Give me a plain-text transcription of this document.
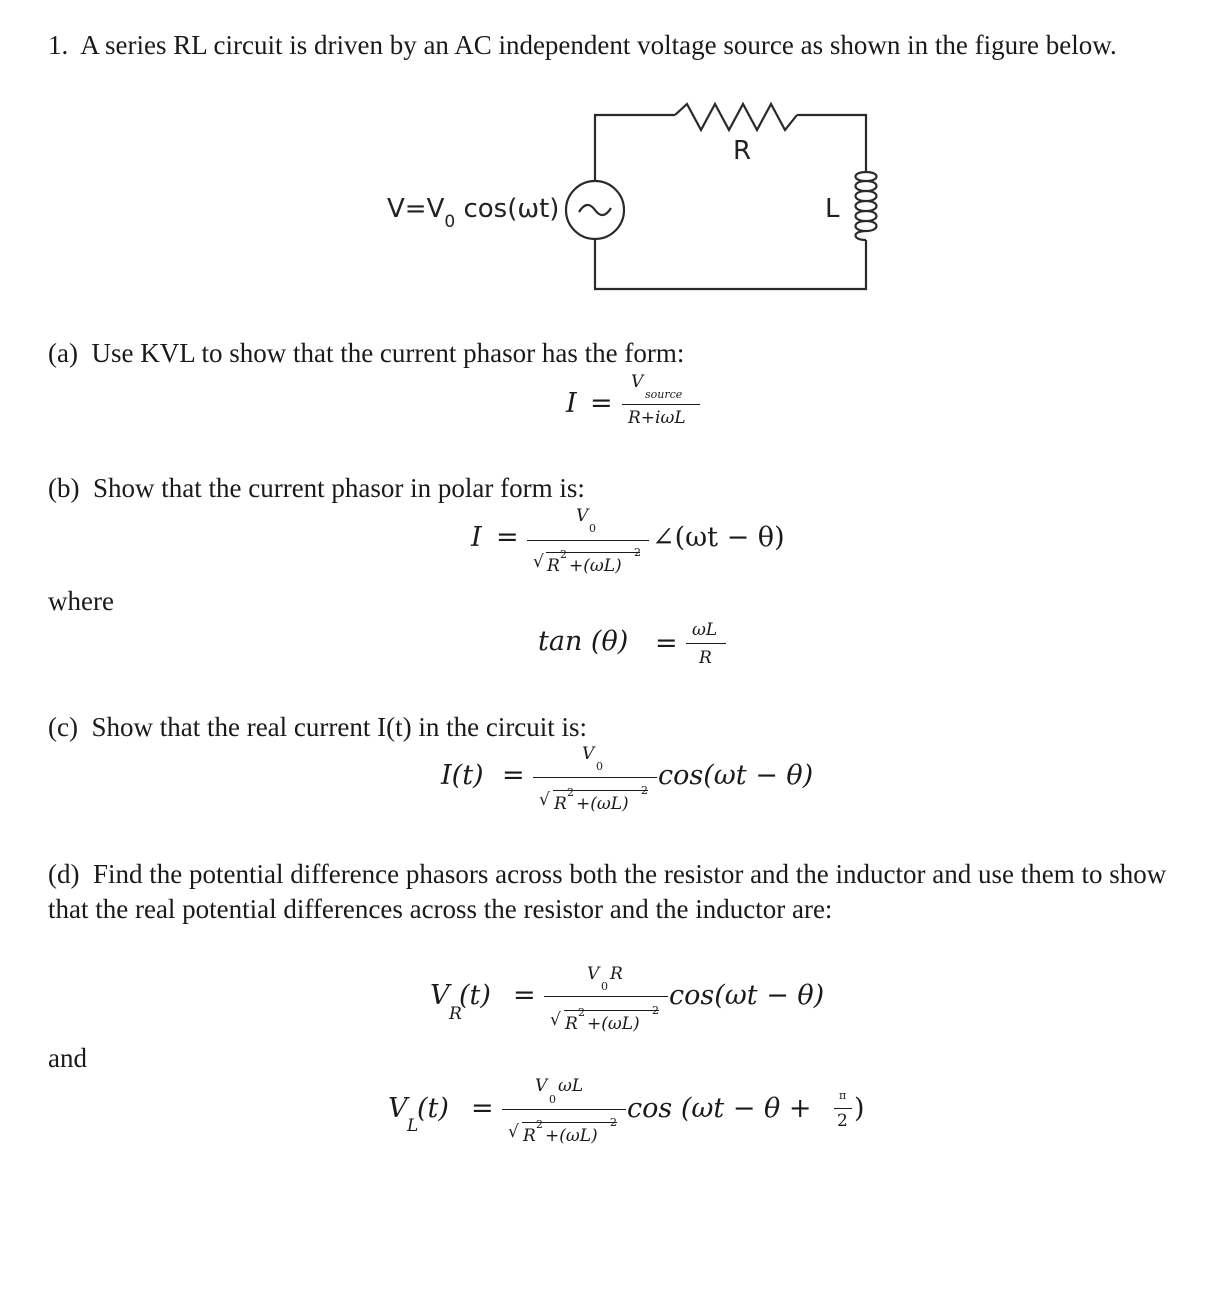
1. A series RL circuit is driven by an AC independent voltage source as shown in the figure below.
$V=V_0$ cos(ωt)
R
L
(a) Use KVL to show that the current phasor has the form:
I =
V
source
R+iωL
(b) Show that the current phasor in polar form is:
I =
V
0
√ R
2
+(ωL)
2 ∠(ωt − θ)
where
tan (θ) = ωL
R
(c) Show that the real current I(t) in the circuit is:
I(t) =
V
0
√ R
2
+(ωL)
2 cos(ωt − θ)
(d) Find the potential difference phasors across both the resistor and the inductor and use them to show that the real potential differences across the resistor and the inductor are:
V
R
(t) =
V
0
R
√ R
2
+(ωL)
2 cos(ωt − θ)
and
V
L
(t) =
V
0
ωL
√ R
2
+(ωL)
2 cos (ωt − θ +	π
2 )
